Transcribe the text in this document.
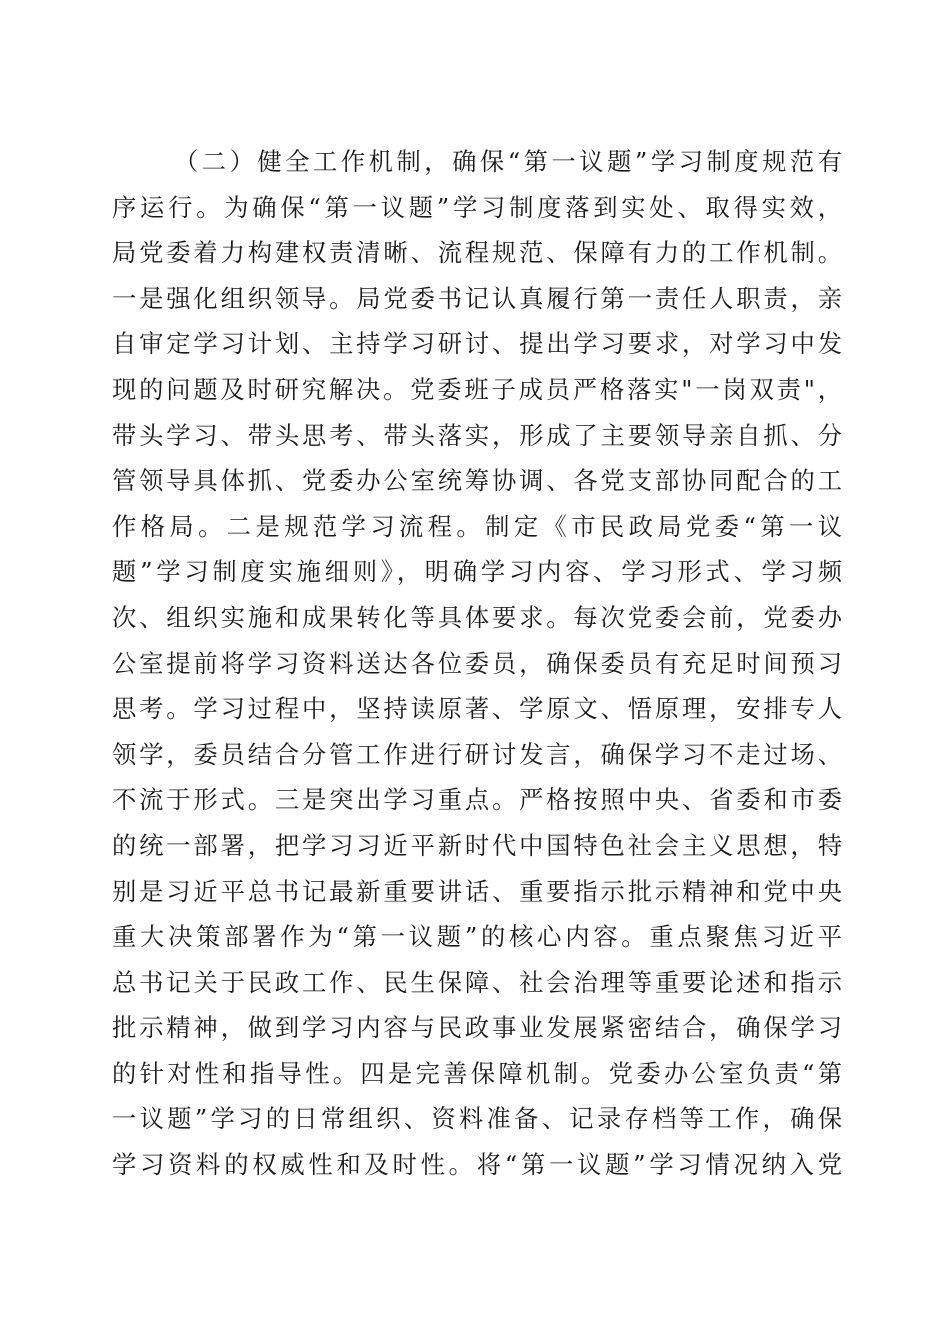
（二）健全工作机制，确保“第一议题”学习制度规范有
序运行。为确保“第一议题”学习制度落到实处、取得实效，
局党委着力构建权责清晰、流程规范、保障有力的工作机制。
一是强化组织领导。局党委书记认真履行第一责任人职责，亲
自审定学习计划、主持学习研讨、提出学习要求，对学习中发
现的问题及时研究解决。党委班子成员严格落实"一岗双责"，
带头学习、带头思考、带头落实，形成了主要领导亲自抓、分
管领导具体抓、党委办公室统筹协调、各党支部协同配合的工
作格局。二是规范学习流程。制定《市民政局党委“第一议
题”学习制度实施细则》，明确学习内容、学习形式、学习频
次、组织实施和成果转化等具体要求。每次党委会前，党委办
公室提前将学习资料送达各位委员，确保委员有充足时间预习
思考。学习过程中，坚持读原著、学原文、悟原理，安排专人
领学，委员结合分管工作进行研讨发言，确保学习不走过场、
不流于形式。三是突出学习重点。严格按照中央、省委和市委
的统一部署，把学习习近平新时代中国特色社会主义思想，特
别是习近平总书记最新重要讲话、重要指示批示精神和党中央
重大决策部署作为“第一议题”的核心内容。重点聚焦习近平
总书记关于民政工作、民生保障、社会治理等重要论述和指示
批示精神，做到学习内容与民政事业发展紧密结合，确保学习
的针对性和指导性。四是完善保障机制。党委办公室负责“第
一议题”学习的日常组织、资料准备、记录存档等工作，确保
学习资料的权威性和及时性。将“第一议题”学习情况纳入党
